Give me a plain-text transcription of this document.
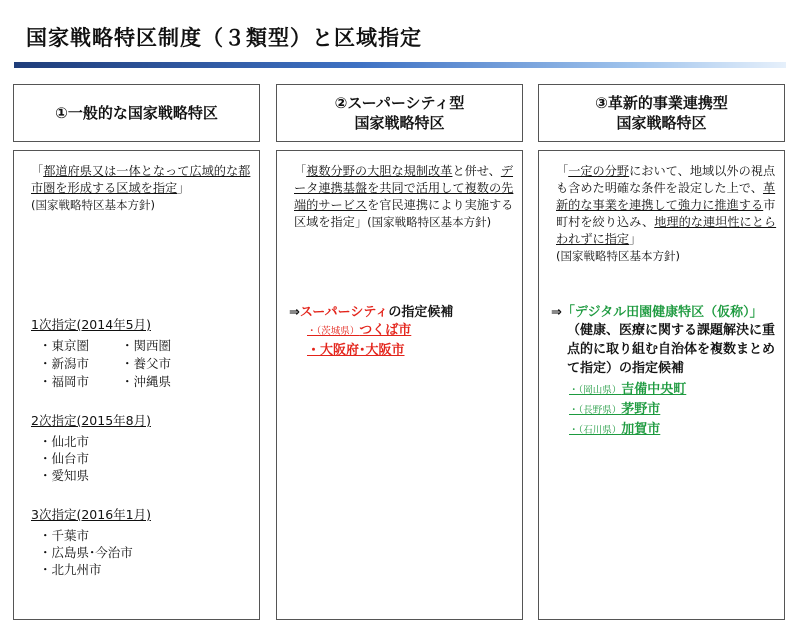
国家戦略特区制度（３類型）と区域指定
①一般的な国家戦略特区

「都道府県又は一体となって広域的な都市圏を形成する区域を指定」
(国家戦略特区基本方針)

1次指定(2014年5月)

・東京圏	・関西圏
・新潟市	・養父市
・福岡市	・沖縄県

2次指定(2015年8月)

・仙北市
・仙台市
・愛知県

3次指定(2016年1月)

・千葉市
・広島県･今治市
・北九州市
②スーパーシティ型
国家戦略特区

「複数分野の大胆な規制改革と併せ、データ連携基盤を共同で活用して複数の先端的サービスを官民連携により実施する区域を指定」(国家戦略特区基本方針)

⇒スーパーシティの指定候補
・（茨城県）つくば市
・大阪府･大阪市
③革新的事業連携型
国家戦略特区

「一定の分野において、地域以外の視点も含めた明確な条件を設定した上で、革新的な事業を連携して強力に推進する市町村を絞り込み、地理的な連坦性にとらわれずに指定」
(国家戦略特区基本方針)

⇒「デジタル田園健康特区（仮称）」

（健康、医療に関する課題解決に重点的に取り組む自治体を複数まとめて指定）の指定候補

・（岡山県）吉備中央町
・（長野県）茅野市
・（石川県）加賀市
